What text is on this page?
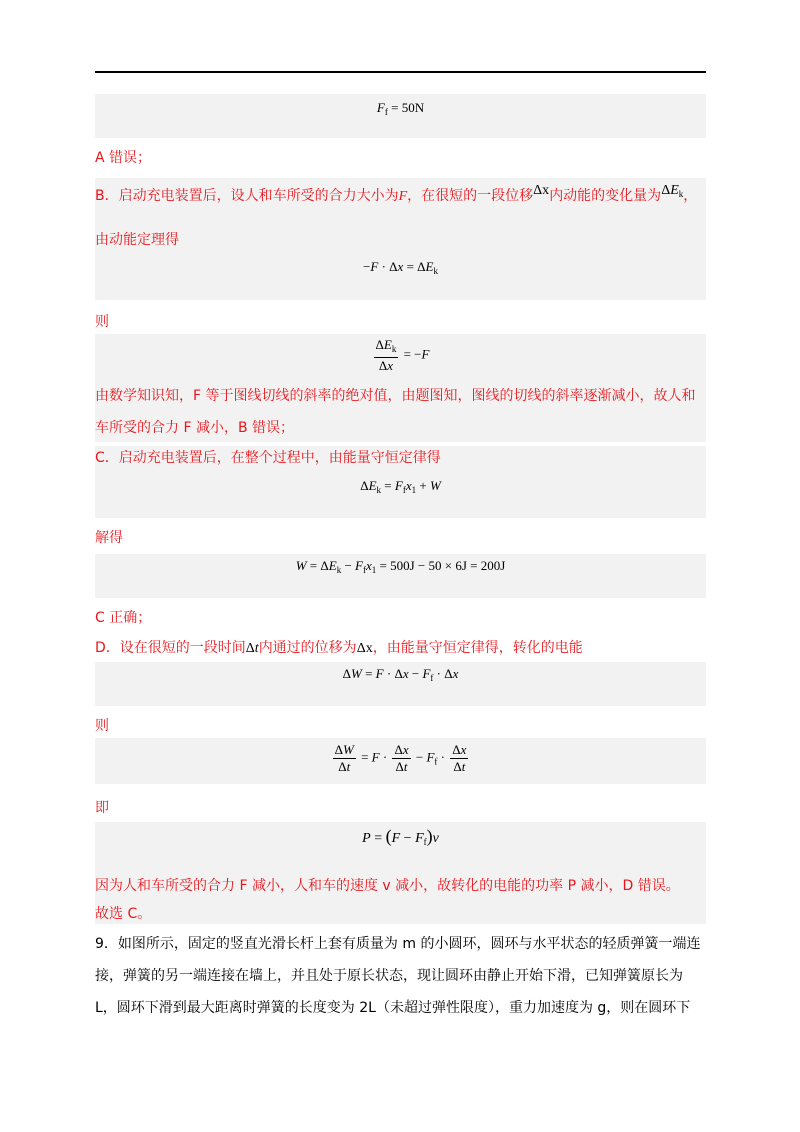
$F_f = 50N$
A 错误；
B．启动充电装置后，设人和车所受的合力大小为F，在很短的一段位移Δx内动能的变化量为$\Delta E_k$，
由动能定理得
$-F \cdot \Delta x = \Delta E_k$
则
$\frac{\Delta E_k}{\Delta x} = -F$
由数学知识知，F 等于图线切线的斜率的绝对值，由题图知，图线的切线的斜率逐渐减小，故人和
车所受的合力 F 减小，B 错误；
C．启动充电装置后，在整个过程中，由能量守恒定律得
$\Delta E_k = F_fx_1 + W$
解得
$W = \Delta E_k - F_fx_1 = 500J - 50 \times 6J = 200J$
C 正确；
D．设在很短的一段时间Δt内通过的位移为Δx，由能量守恒定律得，转化的电能
$\Delta W = F \cdot \Delta x - F_f \cdot \Delta x$
则
$\frac{\Delta W}{\Delta t} = F \cdot \frac{\Delta x}{\Delta t} - F_f \cdot \frac{\Delta x}{\Delta t}$
即
$P = (F - F_f)v$
因为人和车所受的合力 F 减小，人和车的速度 v 减小，故转化的电能的功率 P 减小，D 错误。
故选 C。
9．如图所示，固定的竖直光滑长杆上套有质量为 m 的小圆环，圆环与水平状态的轻质弹簧一端连
接，弹簧的另一端连接在墙上，并且处于原长状态，现让圆环由静止开始下滑，已知弹簧原长为
L，圆环下滑到最大距离时弹簧的长度变为 2L（未超过弹性限度），重力加速度为 g，则在圆环下
